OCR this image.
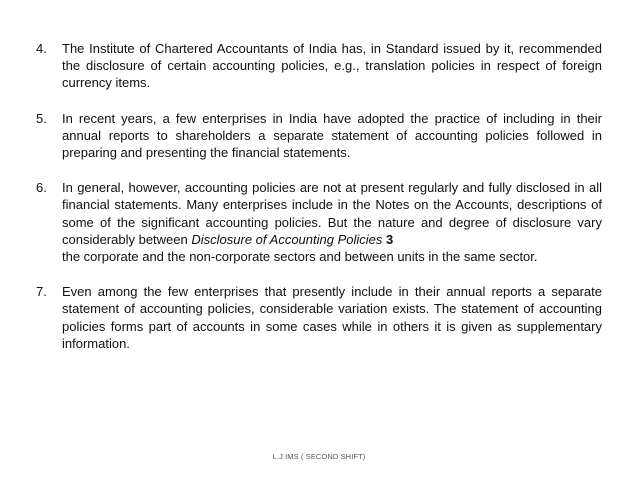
4.	The Institute of Chartered Accountants of India has, in Standard issued by it, recommended the disclosure of certain accounting policies, e.g., translation policies in respect of foreign currency items.
5.	In recent years, a few enterprises in India have adopted the practice of including in their annual reports to shareholders a separate statement of accounting policies followed in preparing and presenting the financial statements.
6.	In general, however, accounting policies are not at present regularly and fully disclosed in all financial statements. Many enterprises include in the Notes on the Accounts, descriptions of some of the significant accounting policies. But the nature and degree of disclosure vary considerably between Disclosure of Accounting Policies 3
the corporate and the non-corporate sectors and between units in the same sector.
7.	Even among the few enterprises that presently include in their annual reports a separate statement of accounting policies, considerable variation exists. The statement of accounting policies forms part of accounts in some cases while in others it is given as supplementary information.
L.J IMS ( SECOND SHIFT)
